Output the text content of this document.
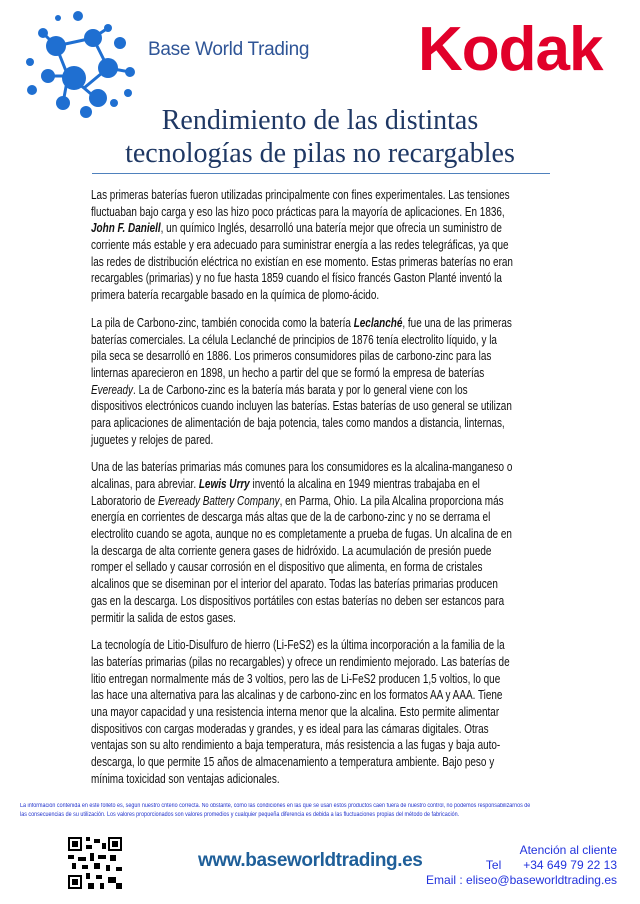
Base World Trading Kodak
Rendimiento de las distintas
tecnologías de pilas no recargables
Las primeras baterías fueron utilizadas principalmente con fines experimentales. Las tensiones
fluctuaban bajo carga y eso las hizo poco prácticas para la mayoría de aplicaciones. En 1836,
John F. Daniell, un químico Inglés, desarrolló una batería mejor que ofrecia un suministro de
corriente más estable y era adecuado para suministrar energía a las redes telegráficas, ya que
las redes de distribución eléctrica no existían en ese momento. Estas primeras baterías no eran
recargables (primarias) y no fue hasta 1859 cuando el físico francés Gaston Planté inventó la
primera batería recargable basado en la química de plomo-ácido.
La pila de Carbono-zinc, también conocida como la batería Leclanché, fue una de las primeras
baterías comerciales. La célula Leclanché de principios de 1876 tenía electrolito líquido, y la
pila seca se desarrolló en 1886. Los primeros consumidores pilas de carbono-zinc para las
linternas aparecieron en 1898, un hecho a partir del que se formó la empresa de baterías
Eveready. La de Carbono-zinc es la batería más barata y por lo general viene con los
dispositivos electrónicos cuando incluyen las baterías. Estas baterías de uso general se utilizan
para aplicaciones de alimentación de baja potencia, tales como mandos a distancia, linternas,
juguetes y relojes de pared.
Una de las baterías primarias más comunes para los consumidores es la alcalina-manganeso o
alcalinas, para abreviar. Lewis Urry inventó la alcalina en 1949 mientras trabajaba en el
Laboratorio de Eveready Battery Company, en Parma, Ohio. La pila Alcalina proporciona más
energía en corrientes de descarga más altas que de la de carbono-zinc y no se derrama el
electrolito cuando se agota, aunque no es completamente a prueba de fugas. Un alcalina de en
la descarga de alta corriente genera gases de hidróxido. La acumulación de presión puede
romper el sellado y causar corrosión en el dispositivo que alimenta, en forma de cristales
alcalinos que se diseminan por el interior del aparato. Todas las baterías primarias producen
gas en la descarga. Los dispositivos portátiles con estas baterías no deben ser estancos para
permitir la salida de estos gases.
La tecnología de Litio-Disulfuro de hierro (Li-FeS2) es la última incorporación a la familia de la
las baterías primarias (pilas no recargables) y ofrece un rendimiento mejorado. Las baterías de
litio entregan normalmente más de 3 voltios, pero las de Li-FeS2 producen 1,5 voltios, lo que
las hace una alternativa para las alcalinas y de carbono-zinc en los formatos AA y AAA. Tiene
una mayor capacidad y una resistencia interna menor que la alcalina. Esto permite alimentar
dispositivos con cargas moderadas y grandes, y es ideal para las cámaras digitales. Otras
ventajas son su alto rendimiento a baja temperatura, más resistencia a las fugas y baja auto-
descarga, lo que permite 15 años de almacenamiento a temperatura ambiente. Bajo peso y
mínima toxicidad son ventajas adicionales.
La información contenida en este folleto es, según nuestro criterio correcta. No obstante, como las condiciones en las que se usan estos productos caen fuera de nuestro control, no podemos responsabilizarnos de
las consecuencias de su utilización. Los valores proporcionados son valores promedios y cualquier pequeña diferencia es debida a las fluctuaciones propias del método de fabricación.
www.baseworldtrading.es	Atención al cliente
Tel +34 649 79 22 13
Email : eliseo@baseworldtrading.es
